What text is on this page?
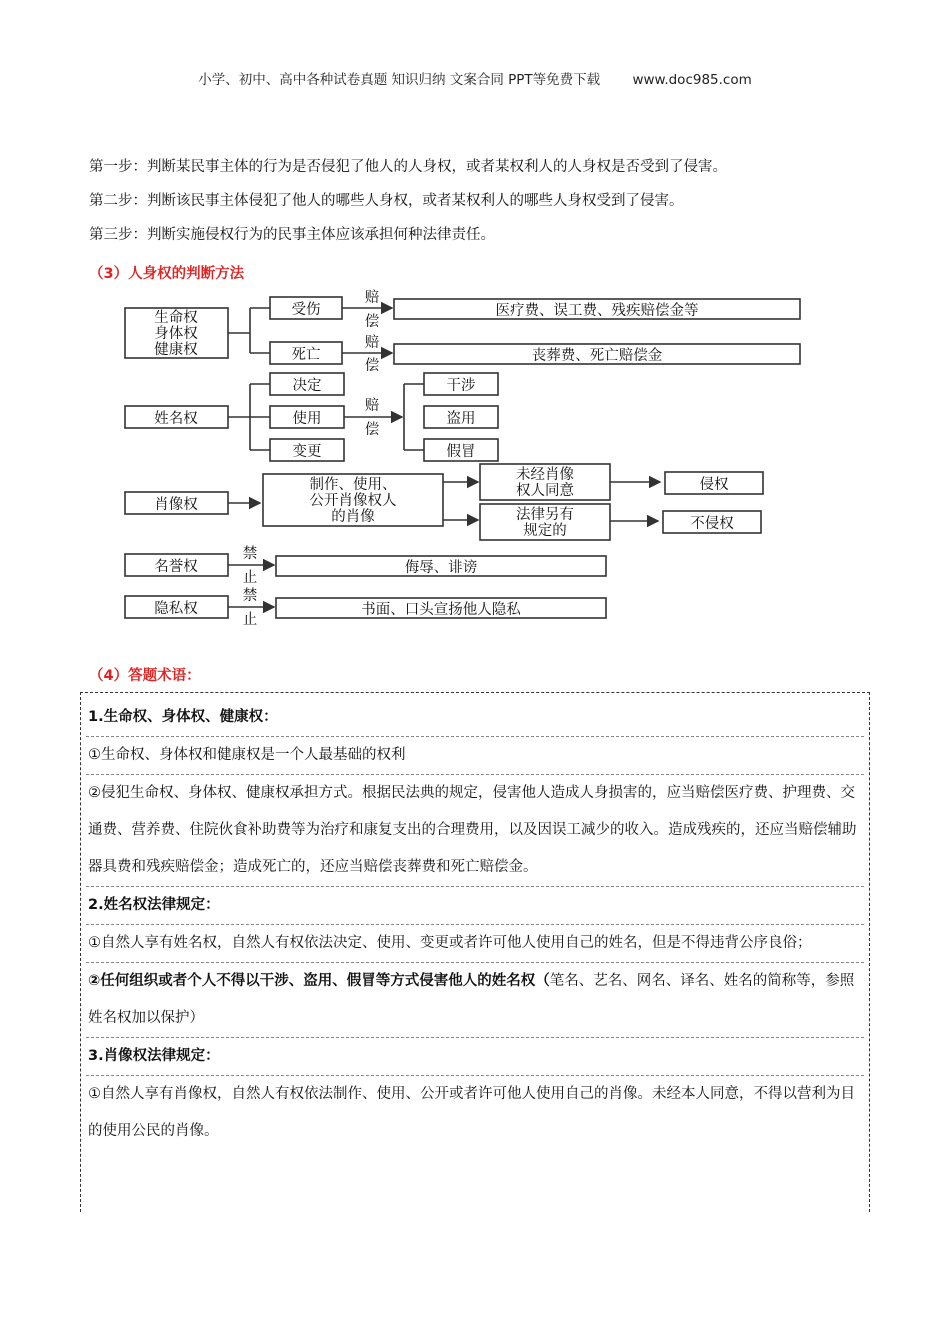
小学、初中、高中各种试卷真题 知识归纳 文案合同 PPT等免费下载 www.doc985.com

第一步：判断某民事主体的行为是否侵犯了他人的人身权，或者某权利人的人身权是否受到了侵害。

第二步：判断该民事主体侵犯了他人的哪些人身权，或者某权利人的哪些人身权受到了侵害。

第三步：判断实施侵权行为的民事主体应该承担何种法律责任。

（3）人身权的判断方法
生命权
身体权
健康权
受伤
死亡
赔
偿
赔
偿
医疗费、误工费、残疾赔偿金等
丧葬费、死亡赔偿金
姓名权
决定
使用
变更
赔
偿
干涉
盗用
假冒
肖像权
制作、使用、
公开肖像权人
的肖像
未经肖像
权人同意
法律另有
规定的
侵权
不侵权
名誉权
禁
止
侮辱、诽谤
隐私权
禁
止
书面、口头宣扬他人隐私
（4）答题术语：
1.生命权、身体权、健康权：
①生命权、身体权和健康权是一个人最基础的权利
②侵犯生命权、身体权、健康权承担方式。根据民法典的规定，侵害他人造成人身损害的，应当赔偿医疗费、护理费、交通费、营养费、住院伙食补助费等为治疗和康复支出的合理费用，以及因误工减少的收入。造成残疾的，还应当赔偿辅助器具费和残疾赔偿金；造成死亡的，还应当赔偿丧葬费和死亡赔偿金。
2.姓名权法律规定：
①自然人享有姓名权，自然人有权依法决定、使用、变更或者许可他人使用自己的姓名，但是不得违背公序良俗；
②任何组织或者个人不得以干涉、盗用、假冒等方式侵害他人的姓名权（笔名、艺名、网名、译名、姓名的简称等，参照姓名权加以保护）
3.肖像权法律规定：
①自然人享有肖像权，自然人有权依法制作、使用、公开或者许可他人使用自己的肖像。未经本人同意，不得以营利为目的使用公民的肖像。
